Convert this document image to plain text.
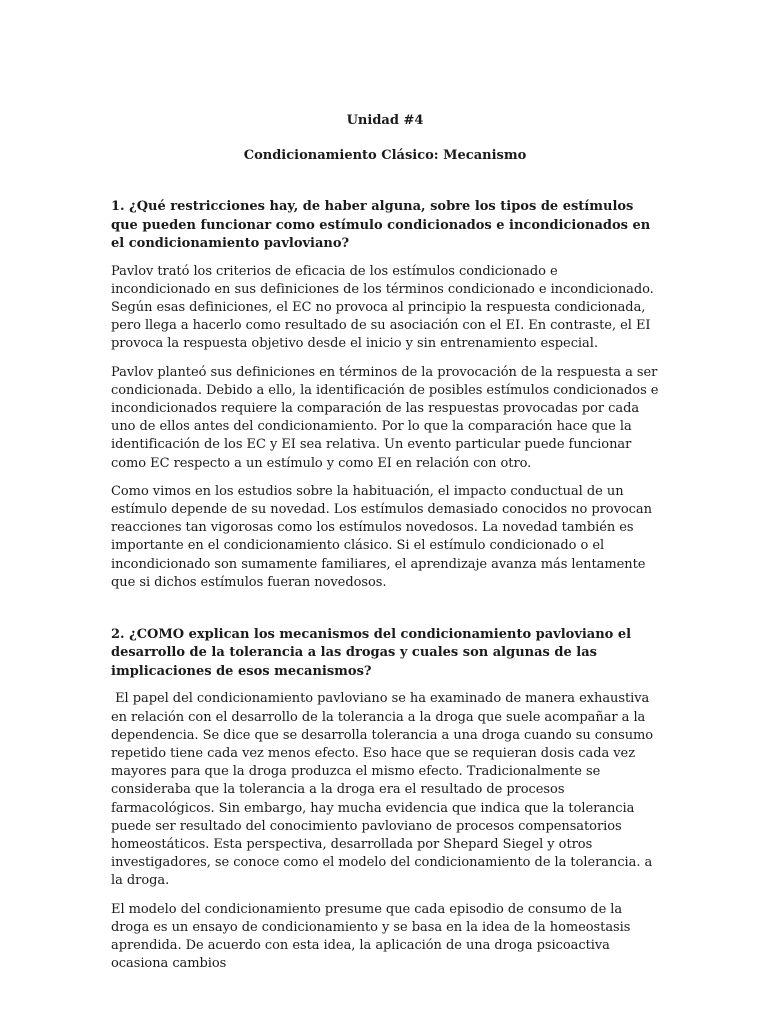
Unidad #4

Condicionamiento Clásico: Mecanismo

1. ¿Qué restricciones hay, de haber alguna, sobre los tipos de estímulos que pueden funcionar como estímulo condicionados e incondicionados en el condicionamiento pavloviano?

Pavlov trató los criterios de eficacia de los estímulos condicionado e incondicionado en sus definiciones de los términos condicionado e incondicionado. Según esas definiciones, el EC no provoca al principio la respuesta condicionada, pero llega a hacerlo como resultado de su asociación con el EI. En contraste, el EI provoca la respuesta objetivo desde el inicio y sin entrenamiento especial.

Pavlov planteó sus definiciones en términos de la provocación de la respuesta a ser condicionada. Debido a ello, la identificación de posibles estímulos condicionados e incondicionados requiere la comparación de las respuestas provocadas por cada uno de ellos antes del condicionamiento. Por lo que la comparación hace que la identificación de los EC y EI sea relativa. Un evento particular puede funcionar como EC respecto a un estímulo y como EI en relación con otro.

Como vimos en los estudios sobre la habituación, el impacto conductual de un estímulo depende de su novedad. Los estímulos demasiado conocidos no provocan reacciones tan vigorosas como los estímulos novedosos. La novedad también es importante en el condicionamiento clásico. Si el estímulo condicionado o el incondicionado son sumamente familiares, el aprendizaje avanza más lentamente que si dichos estímulos fueran novedosos.

2. ¿COMO explican los mecanismos del condicionamiento pavloviano el desarrollo de la tolerancia a las drogas y cuales son algunas de las implicaciones de esos mecanismos?

El papel del condicionamiento pavloviano se ha examinado de manera exhaustiva en relación con el desarrollo de la tolerancia a la droga que suele acompañar a la dependencia. Se dice que se desarrolla tolerancia a una droga cuando su consumo repetido tiene cada vez menos efecto. Eso hace que se requieran dosis cada vez mayores para que la droga produzca el mismo efecto. Tradicionalmente se consideraba que la tolerancia a la droga era el resultado de procesos farmacológicos. Sin embargo, hay mucha evidencia que indica que la tolerancia puede ser resultado del conocimiento pavloviano de procesos compensatorios homeostáticos. Esta perspectiva, desarrollada por Shepard Siegel y otros investigadores, se conoce como el modelo del condicionamiento de la tolerancia. a la droga.

El modelo del condicionamiento presume que cada episodio de consumo de la droga es un ensayo de condicionamiento y se basa en la idea de la homeostasis aprendida. De acuerdo con esta idea, la aplicación de una droga psicoactiva ocasiona cambios
